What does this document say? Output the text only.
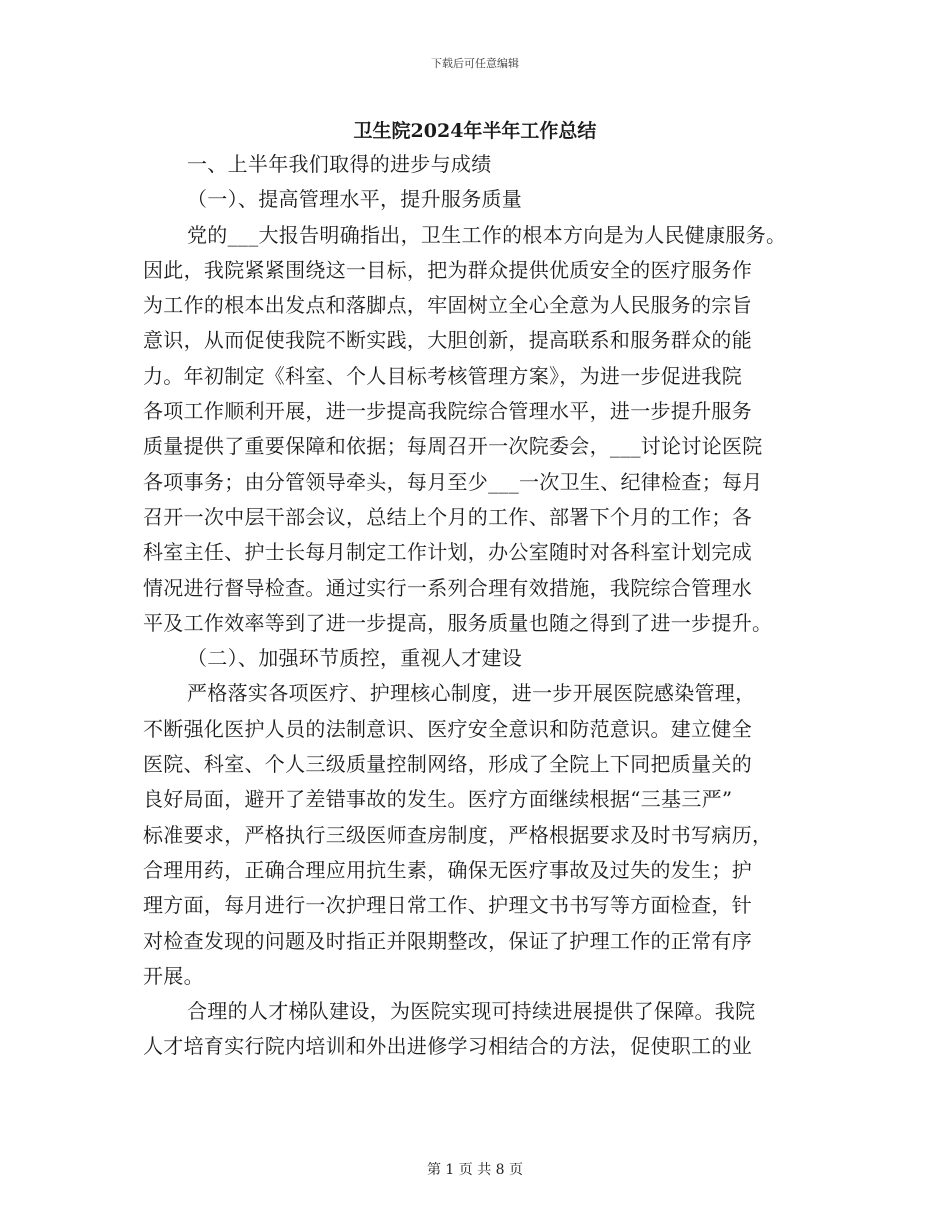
下载后可任意编辑
卫生院2024年半年工作总结
一、上半年我们取得的进步与成绩
（一）、提高管理水平，提升服务质量
党的___大报告明确指出，卫生工作的根本方向是为人民健康服务。
因此，我院紧紧围绕这一目标，把为群众提供优质安全的医疗服务作
为工作的根本出发点和落脚点，牢固树立全心全意为人民服务的宗旨
意识，从而促使我院不断实践，大胆创新，提高联系和服务群众的能
力。年初制定《科室、个人目标考核管理方案》，为进一步促进我院
各项工作顺利开展，进一步提高我院综合管理水平，进一步提升服务
质量提供了重要保障和依据；每周召开一次院委会，___讨论讨论医院
各项事务；由分管领导牵头，每月至少___一次卫生、纪律检查；每月
召开一次中层干部会议，总结上个月的工作、部署下个月的工作；各
科室主任、护士长每月制定工作计划，办公室随时对各科室计划完成
情况进行督导检查。通过实行一系列合理有效措施，我院综合管理水
平及工作效率等到了进一步提高，服务质量也随之得到了进一步提升。
（二）、加强环节质控，重视人才建设
严格落实各项医疗、护理核心制度，进一步开展医院感染管理，
不断强化医护人员的法制意识、医疗安全意识和防范意识。建立健全
医院、科室、个人三级质量控制网络，形成了全院上下同把质量关的
良好局面，避开了差错事故的发生。医疗方面继续根据“三基三严”
标准要求，严格执行三级医师查房制度，严格根据要求及时书写病历，
合理用药，正确合理应用抗生素，确保无医疗事故及过失的发生；护
理方面，每月进行一次护理日常工作、护理文书书写等方面检查，针
对检查发现的问题及时指正并限期整改，保证了护理工作的正常有序
开展。
合理的人才梯队建设，为医院实现可持续进展提供了保障。我院
人才培育实行院内培训和外出进修学习相结合的方法，促使职工的业
第 1 页 共 8 页
